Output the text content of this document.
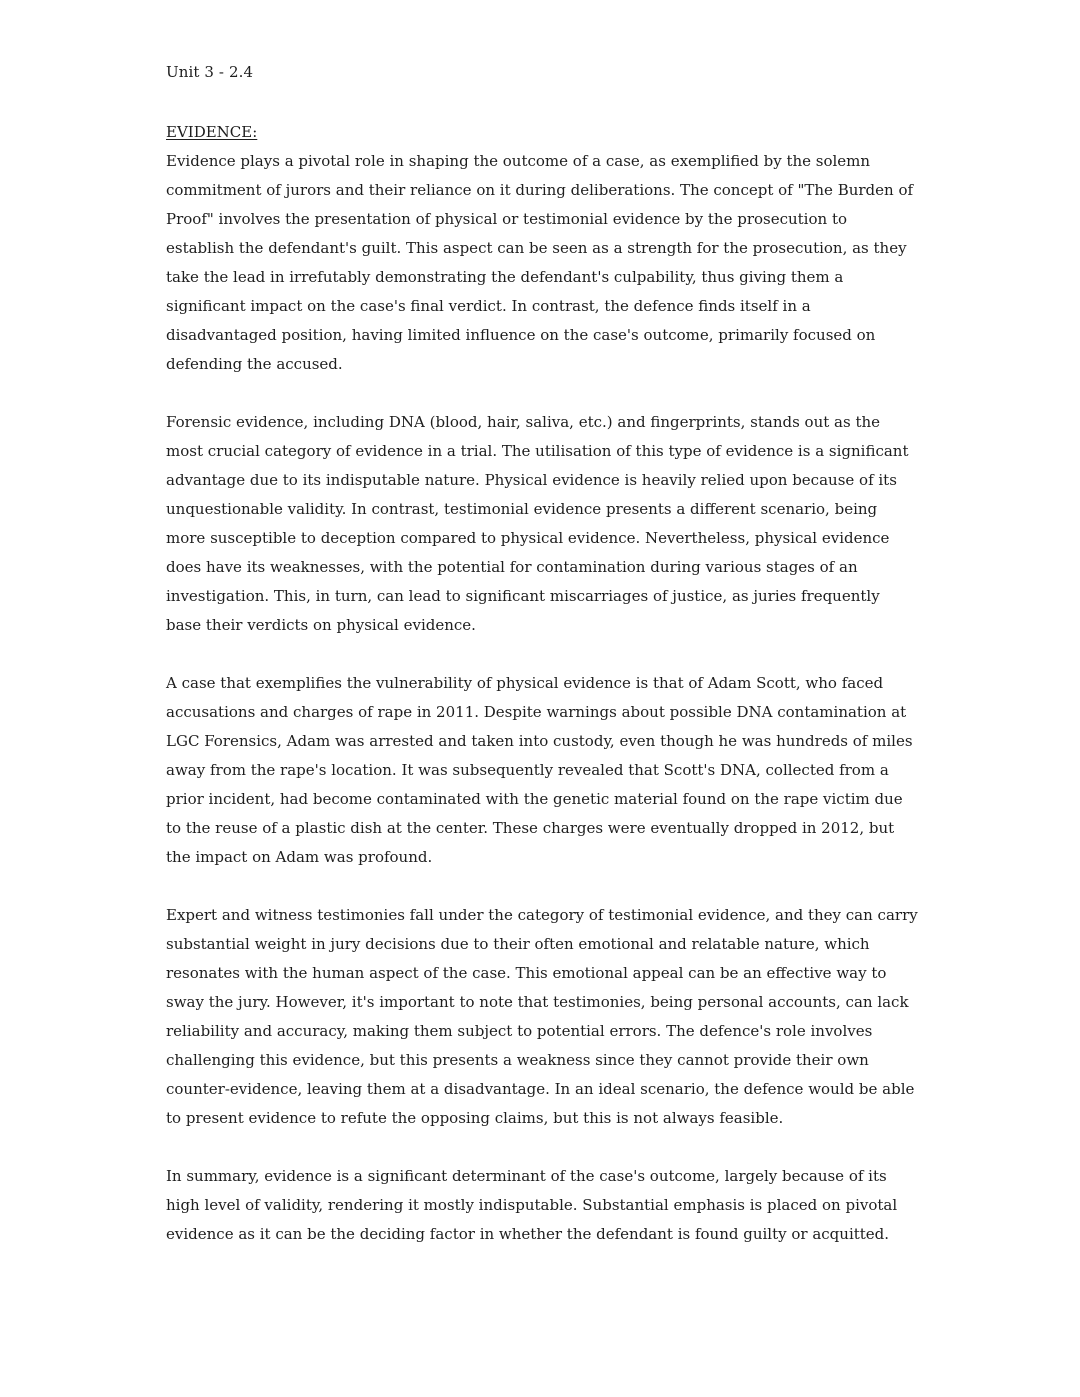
Unit 3 - 2.4
EVIDENCE:

Evidence plays a pivotal role in shaping the outcome of a case, as exemplified by the solemn commitment of jurors and their reliance on it during deliberations. The concept of "The Burden of Proof" involves the presentation of physical or testimonial evidence by the prosecution to establish the defendant's guilt. This aspect can be seen as a strength for the prosecution, as they take the lead in irrefutably demonstrating the defendant's culpability, thus giving them a significant impact on the case's final verdict. In contrast, the defence finds itself in a disadvantaged position, having limited influence on the case's outcome, primarily focused on defending the accused.

Forensic evidence, including DNA (blood, hair, saliva, etc.) and fingerprints, stands out as the most crucial category of evidence in a trial. The utilisation of this type of evidence is a significant advantage due to its indisputable nature. Physical evidence is heavily relied upon because of its unquestionable validity. In contrast, testimonial evidence presents a different scenario, being more susceptible to deception compared to physical evidence. Nevertheless, physical evidence does have its weaknesses, with the potential for contamination during various stages of an investigation. This, in turn, can lead to significant miscarriages of justice, as juries frequently base their verdicts on physical evidence.

A case that exemplifies the vulnerability of physical evidence is that of Adam Scott, who faced accusations and charges of rape in 2011. Despite warnings about possible DNA contamination at LGC Forensics, Adam was arrested and taken into custody, even though he was hundreds of miles away from the rape's location. It was subsequently revealed that Scott's DNA, collected from a prior incident, had become contaminated with the genetic material found on the rape victim due to the reuse of a plastic dish at the center. These charges were eventually dropped in 2012, but the impact on Adam was profound.

Expert and witness testimonies fall under the category of testimonial evidence, and they can carry substantial weight in jury decisions due to their often emotional and relatable nature, which resonates with the human aspect of the case. This emotional appeal can be an effective way to sway the jury. However, it's important to note that testimonies, being personal accounts, can lack reliability and accuracy, making them subject to potential errors. The defence's role involves challenging this evidence, but this presents a weakness since they cannot provide their own counter-evidence, leaving them at a disadvantage. In an ideal scenario, the defence would be able to present evidence to refute the opposing claims, but this is not always feasible.

In summary, evidence is a significant determinant of the case's outcome, largely because of its high level of validity, rendering it mostly indisputable. Substantial emphasis is placed on pivotal evidence as it can be the deciding factor in whether the defendant is found guilty or acquitted.
